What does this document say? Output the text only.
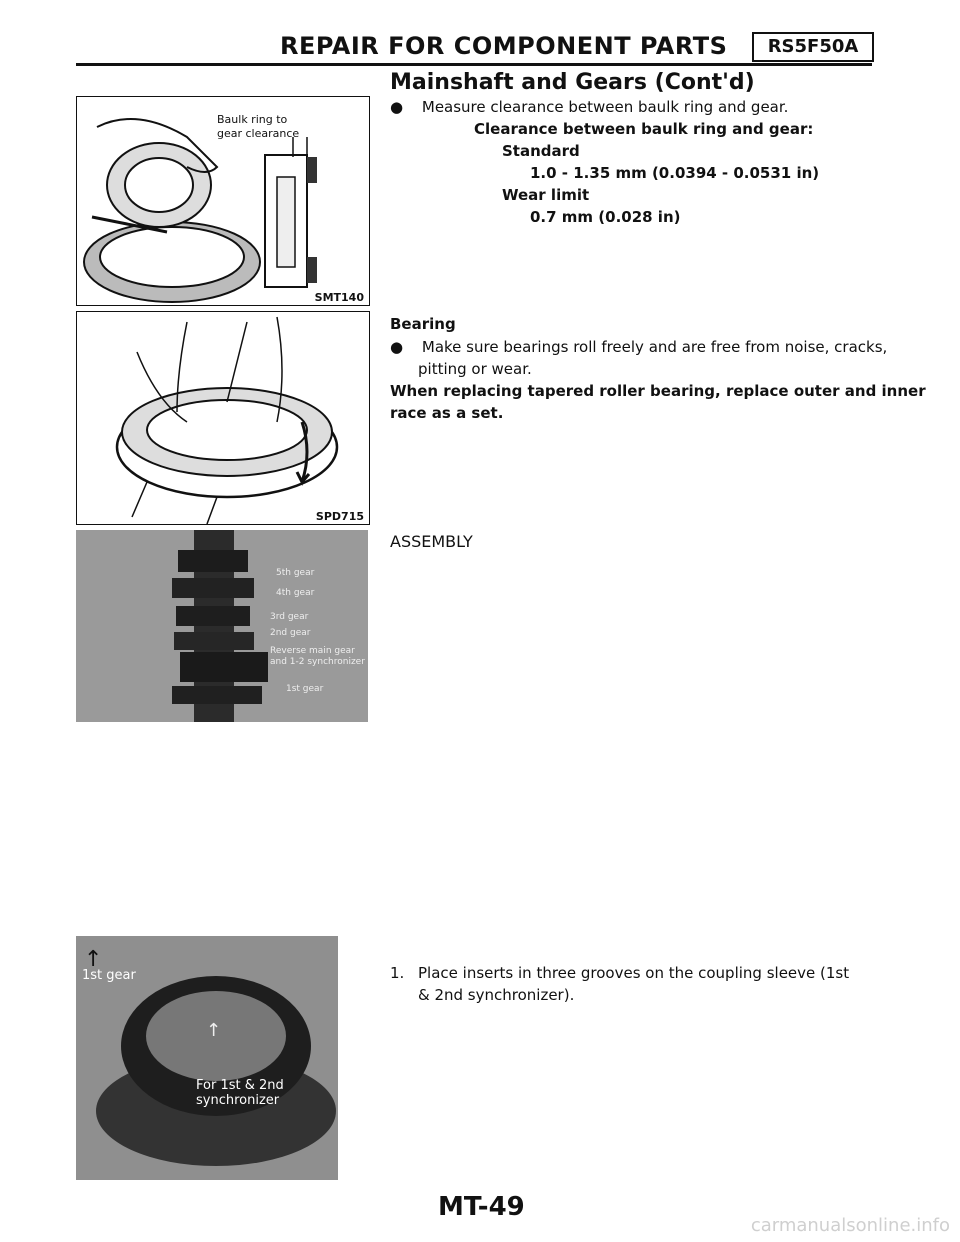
REPAIR FOR COMPONENT PARTS	RS5F50A
Mainshaft and Gears (Cont'd)
● Measure clearance between baulk ring and gear.
Clearance between baulk ring and gear:
Standard
1.0 - 1.35 mm (0.0394 - 0.0531 in)
Wear limit
0.7 mm (0.028 in)
Bearing
● Make sure bearings roll freely and are free from noise, cracks,
pitting or wear.
When replacing tapered roller bearing, replace outer and inner
race as a set.
ASSEMBLY
1. Place inserts in three grooves on the coupling sleeve (1st
& 2nd synchronizer).
Baulk ring to
gear clearance
SMT140
SPD715
5th gear
4th gear
3rd gear
2nd gear
Reverse main gear
and 1-2 synchronizer
1st gear
↑
↑
1st gear
For 1st & 2nd synchronizer
MT-49
carmanualsonline.info
